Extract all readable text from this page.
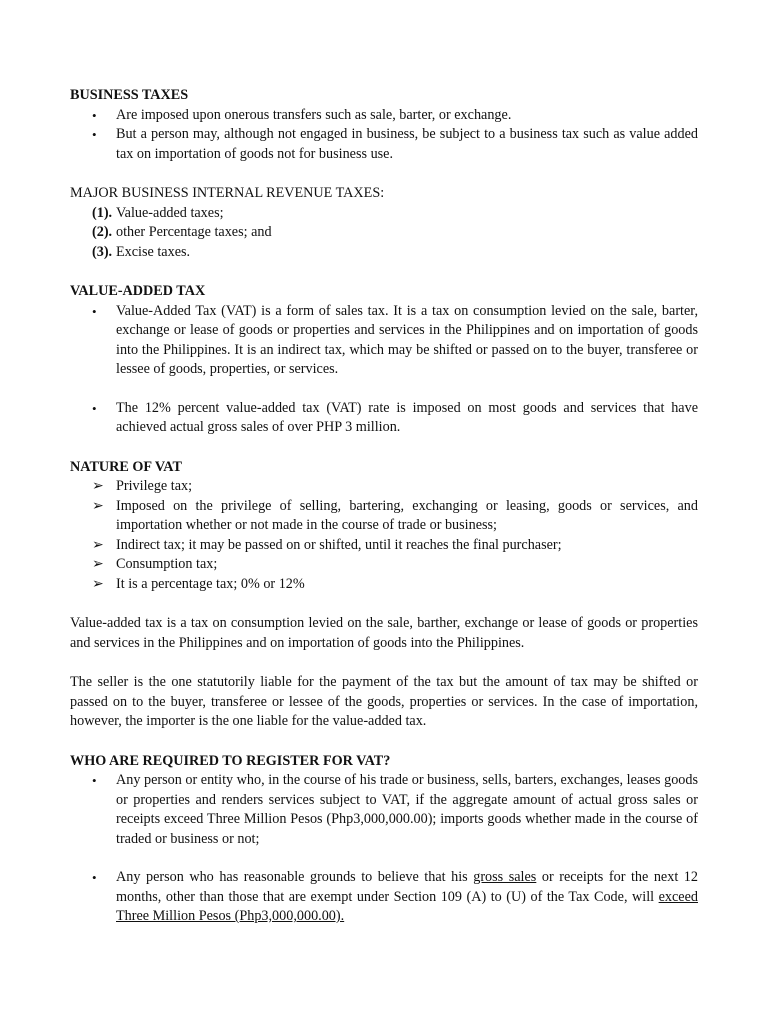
BUSINESS TAXES

• Are imposed upon onerous transfers such as sale, barter, or exchange.
• But a person may, although not engaged in business, be subject to a business tax such as value added tax on importation of goods not for business use.

MAJOR BUSINESS INTERNAL REVENUE TAXES:

(1). Value-added taxes;
(2). other Percentage taxes; and
(3). Excise taxes.

VALUE-ADDED TAX

• Value-Added Tax (VAT) is a form of sales tax. It is a tax on consumption levied on the sale, barter, exchange or lease of goods or properties and services in the Philippines and on importation of goods into the Philippines. It is an indirect tax, which may be shifted or passed on to the buyer, transferee or lessee of goods, properties, or services.
• The 12% percent value-added tax (VAT) rate is imposed on most goods and services that have achieved actual gross sales of over PHP 3 million.

NATURE OF VAT

➢ Privilege tax;
➢ Imposed on the privilege of selling, bartering, exchanging or leasing, goods or services, and importation whether or not made in the course of trade or business;
➢ Indirect tax; it may be passed on or shifted, until it reaches the final purchaser;
➢ Consumption tax;
➢ It is a percentage tax; 0% or 12%

Value-added tax is a tax on consumption levied on the sale, barther, exchange or lease of goods or properties and services in the Philippines and on importation of goods into the Philippines.

The seller is the one statutorily liable for the payment of the tax but the amount of tax may be shifted or passed on to the buyer, transferee or lessee of the goods, properties or services. In the case of importation, however, the importer is the one liable for the value-added tax.

WHO ARE REQUIRED TO REGISTER FOR VAT?

• Any person or entity who, in the course of his trade or business, sells, barters, exchanges, leases goods or properties and renders services subject to VAT, if the aggregate amount of actual gross sales or receipts exceed Three Million Pesos (Php3,000,000.00); imports goods whether made in the course of traded or business or not;
• Any person who has reasonable grounds to believe that his gross sales or receipts for the next 12 months, other than those that are exempt under Section 109 (A) to (U) of the Tax Code, will exceed Three Million Pesos (Php3,000,000.00).
